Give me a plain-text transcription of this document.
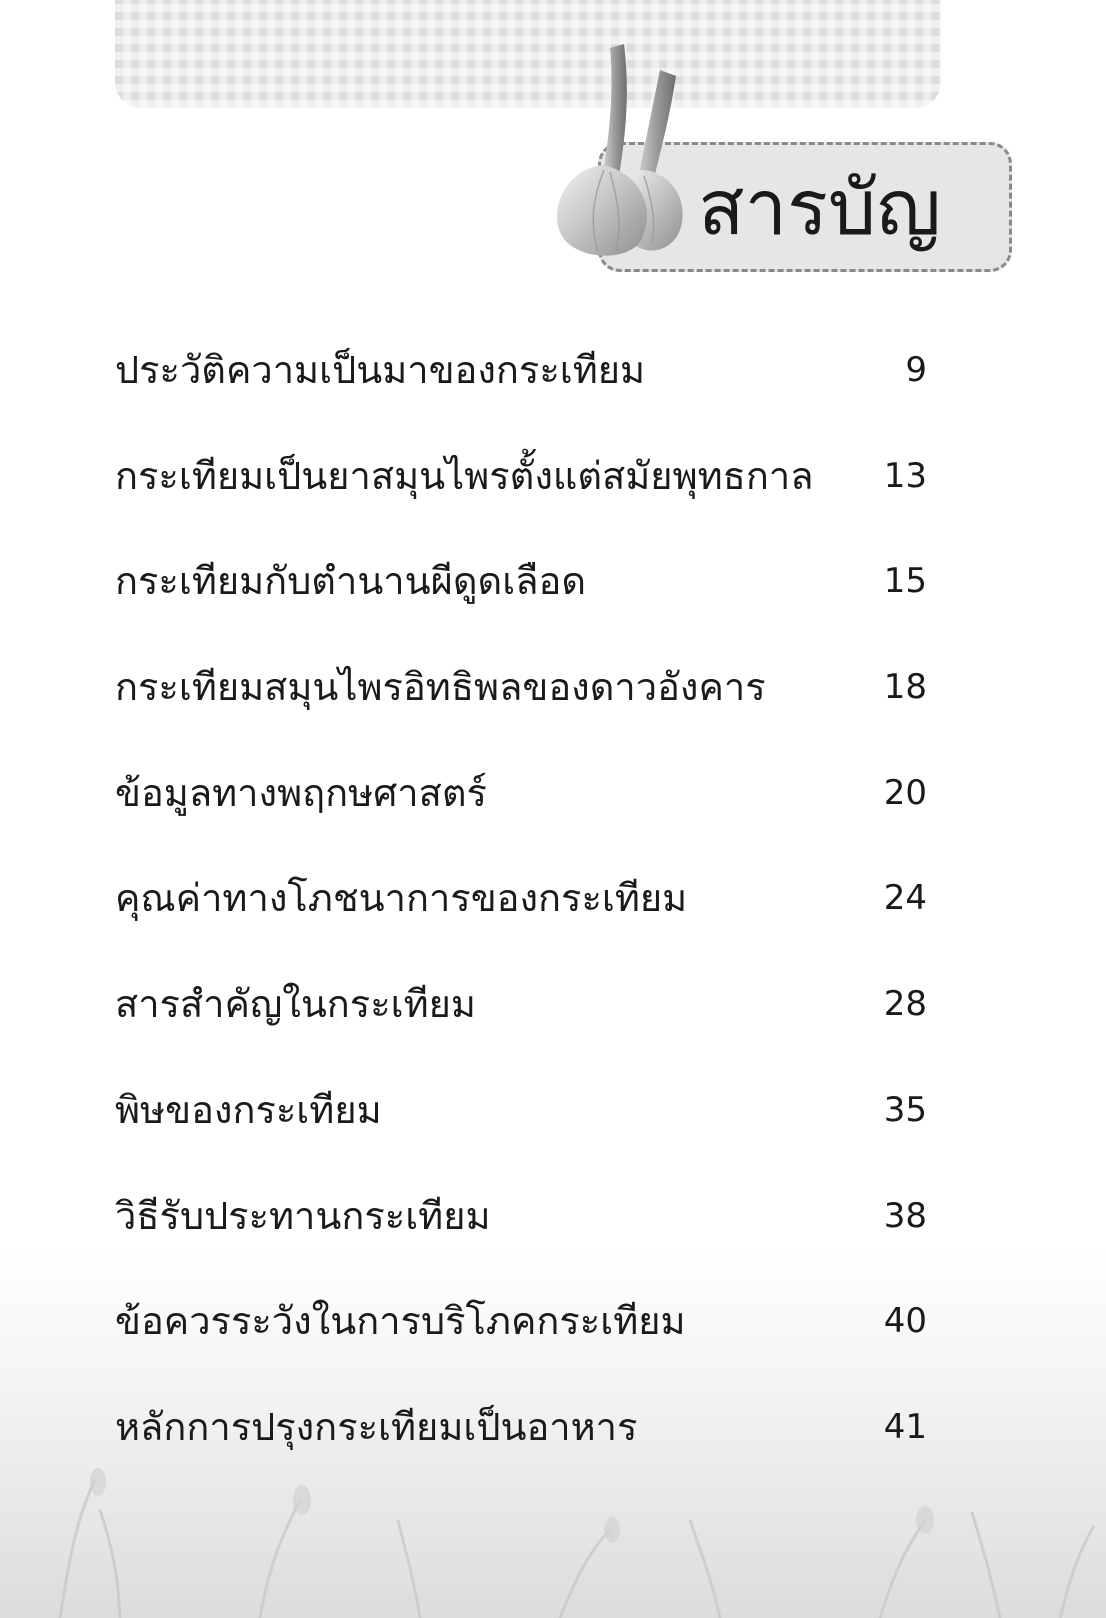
สารบัญ
ประวัติความเป็นมาของกระเทียม	9
กระเทียมเป็นยาสมุนไพรตั้งแต่สมัยพุทธกาล 13
กระเทียมกับตำนานผีดูดเลือด	15
กระเทียมสมุนไพรอิทธิพลของดาวอังคาร	18
ข้อมูลทางพฤกษศาสตร์	20
คุณค่าทางโภชนาการของกระเทียม	24
สารสำคัญในกระเทียม	28
พิษของกระเทียม	35
วิธีรับประทานกระเทียม	38
ข้อควรระวังในการบริโภคกระเทียม	40
หลักการปรุงกระเทียมเป็นอาหาร	41
